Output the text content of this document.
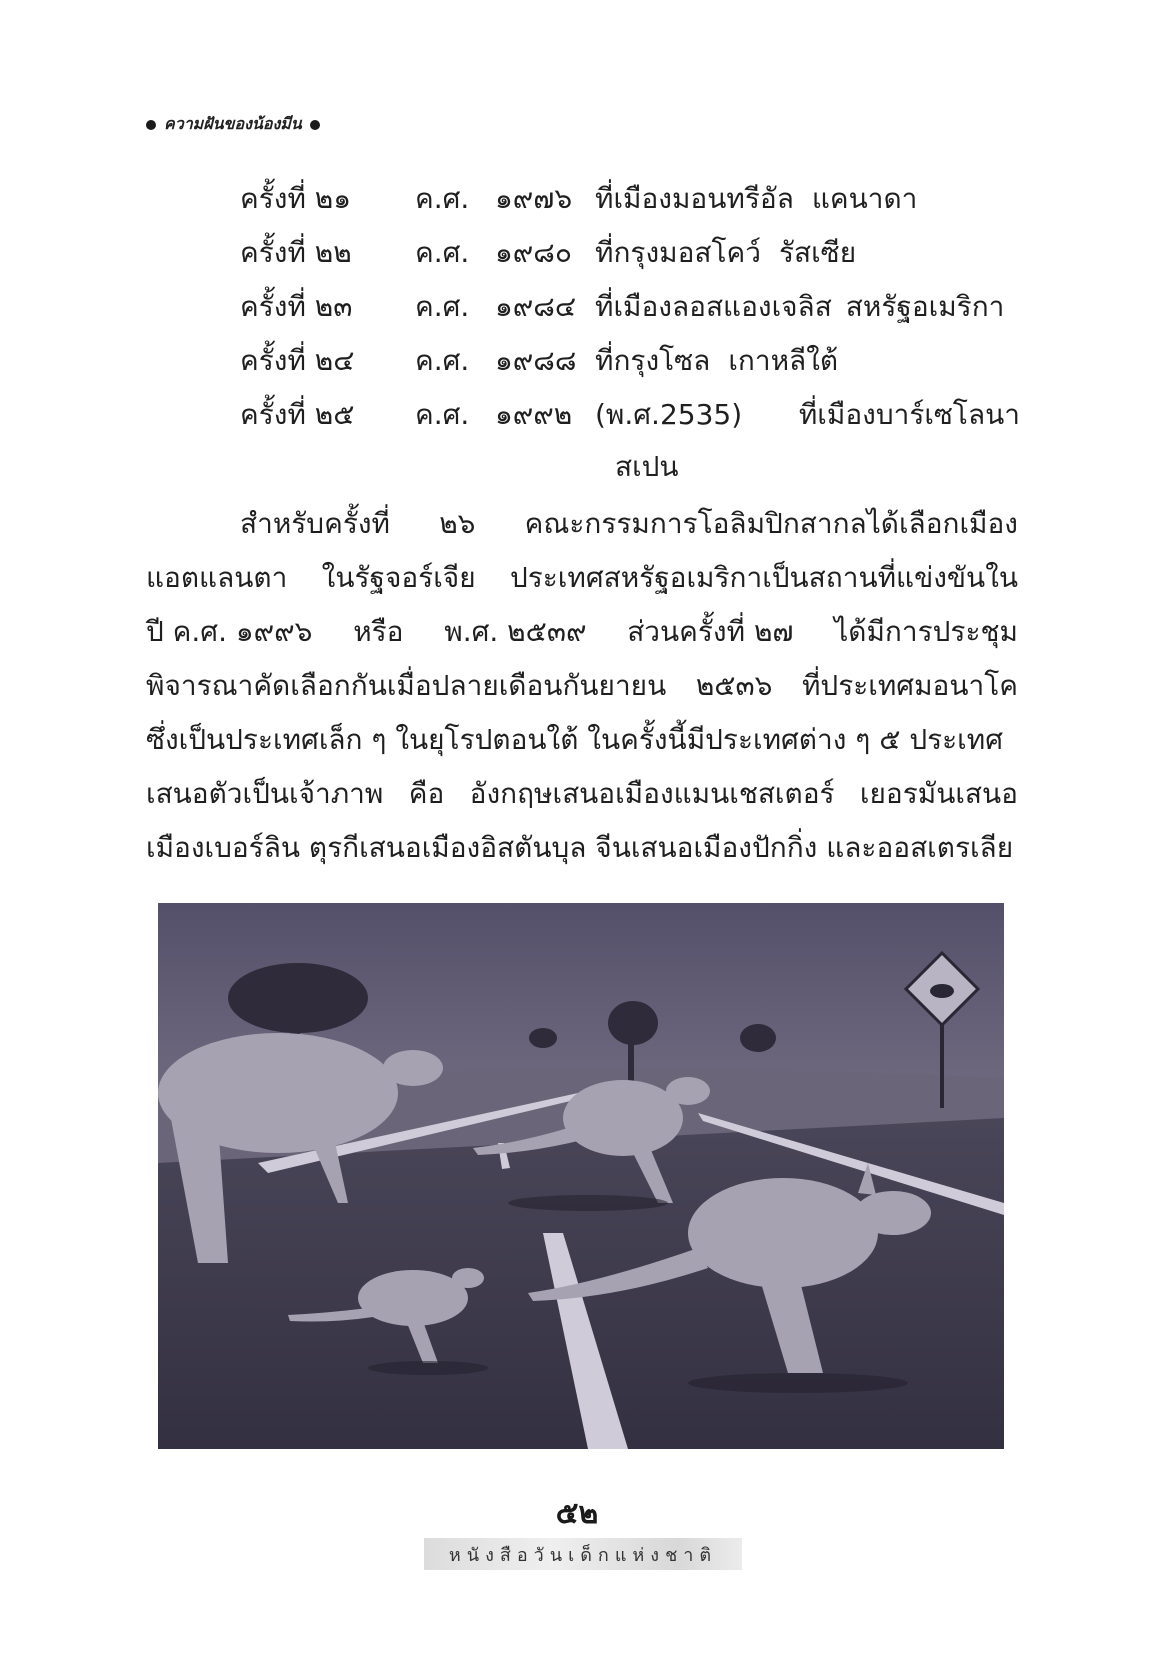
ความฝันของน้องมีน
ครั้งที่ ๒๑	ค.ศ. ๑๙๗๖ ที่เมืองมอนทรีอัล แคนาดา
ครั้งที่ ๒๒	ค.ศ. ๑๙๘๐ ที่กรุงมอสโคว์ รัสเซีย
ครั้งที่ ๒๓	ค.ศ. ๑๙๘๔ ที่เมืองลอสแองเจลิส สหรัฐอเมริกา
ครั้งที่ ๒๔	ค.ศ. ๑๙๘๘ ที่กรุงโซล เกาหลีใต้
ครั้งที่ ๒๕	ค.ศ. ๑๙๙๒ (พ.ศ.2535) ที่เมืองบาร์เซโลนา
สเปน
สำหรับครั้งที่ ๒๖ คณะกรรมการโอลิมปิกสากลได้เลือกเมือง
แอตแลนตา ในรัฐจอร์เจีย ประเทศสหรัฐอเมริกาเป็นสถานที่แข่งขันใน
ปี ค.ศ. ๑๙๙๖ หรือ พ.ศ. ๒๕๓๙ ส่วนครั้งที่ ๒๗ ได้มีการประชุม
พิจารณาคัดเลือกกันเมื่อปลายเดือนกันยายน ๒๕๓๖ ที่ประเทศมอนาโค
ซึ่งเป็นประเทศเล็ก ๆ ในยุโรปตอนใต้ ในครั้งนี้มีประเทศต่าง ๆ ๕ ประเทศ
เสนอตัวเป็นเจ้าภาพ คือ อังกฤษเสนอเมืองแมนเชสเตอร์ เยอรมันเสนอ
เมืองเบอร์ลิน ตุรกีเสนอเมืองอิสตันบุล จีนเสนอเมืองปักกิ่ง และออสเตรเลีย
๕๒
หนังสือวันเด็กแห่งชาติ
